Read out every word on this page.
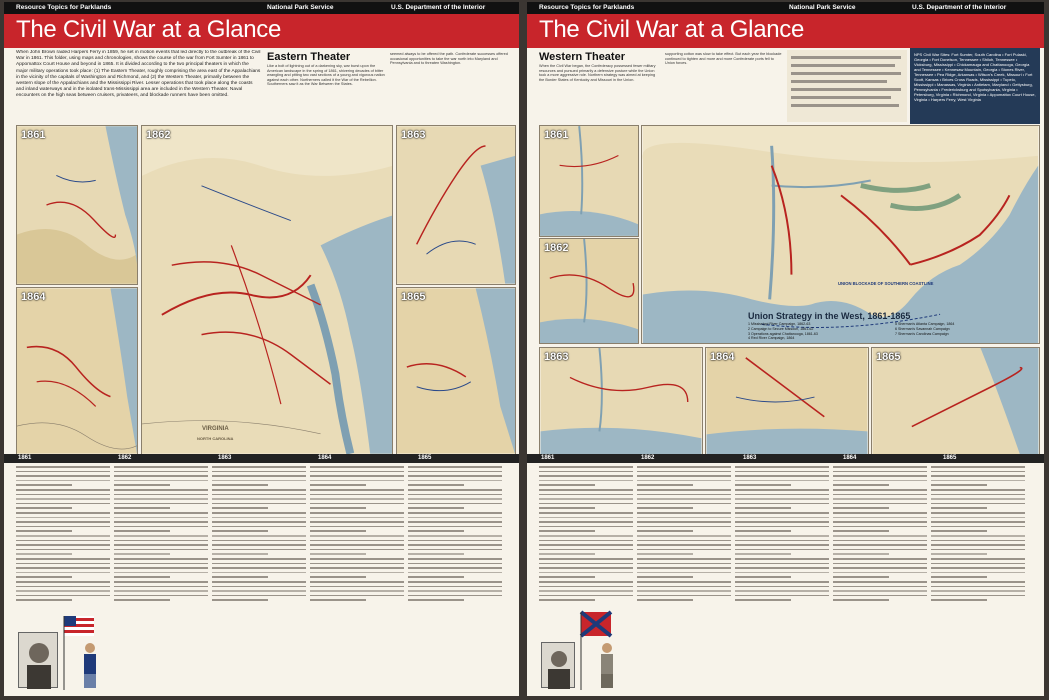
Resource Topics for Parklands	National Park Service	U.S. Department of the Interior
The Civil War at a Glance
When John Brown raided Harpers Ferry in 1859, he set in motion events that led directly to the outbreak of the Civil War in 1861. This folder, using maps and chronologies, shows the course of the war from Fort Sumter in 1861 to Appomattox Court House and beyond in 1865. It is divided according to the two principal theaters in which the major military operations took place: (1) The Eastern Theater, roughly comprising the area east of the Appalachians in the vicinity of the capitals of Washington and Richmond, and (2) the Western Theater, primarily between the western slope of the Appalachians and the Mississippi River. Lesser operations that took place along the coasts and inland waterways and in the isolated trans-Mississippi area are included in the Western Theater. Naval encounters on the high seas between cruisers, privateers, and blockade runners have been omitted.
Eastern Theater
Like a bolt of lightning out of a darkening sky, war burst upon the American landscape in the spring of 1861, shivering decades of bitter wrangling and pitting two vast sections of a young and vigorous nation against each other. Northerners called it the War of the Rebellion. Southerners saw it as the War Between the States.
seemed always to be offered the path. Confederate successes offered occasional opportunities to take the war north into Maryland and Pennsylvania and to threaten Washington.
1861
1864
1862
VIRGINIA
NORTH CAROLINA
1863
1865
1861	1862	1863	1864	1865
Resource Topics for Parklands	National Park Service	U.S. Department of the Interior
The Civil War at a Glance
Western Theater
When the Civil War began, the Confederacy possessed fewer military resources and pursued primarily a defensive posture while the Union took a more aggressive role. Northern strategy was aimed at keeping the Border States of Kentucky and Missouri in the Union.
supporting cotton was slow to take effect. But each year the blockade continued to tighten and more and more Confederate ports fell to Union forces.
NPS Civil War Sites: Fort Sumter, South Carolina • Fort Pulaski, Georgia • Fort Donelson, Tennessee • Shiloh, Tennessee • Vicksburg, Mississippi • Chickamauga and Chattanooga, Georgia and Tennessee • Kennesaw Mountain, Georgia • Stones River, Tennessee • Pea Ridge, Arkansas • Wilson's Creek, Missouri • Fort Scott, Kansas • Brices Cross Roads, Mississippi • Tupelo, Mississippi • Manassas, Virginia • Antietam, Maryland • Gettysburg, Pennsylvania • Fredericksburg and Spotsylvania, Virginia • Petersburg, Virginia • Richmond, Virginia • Appomattox Court House, Virginia • Harpers Ferry, West Virginia
1861
1862
UNION BLOCKADE OF SOUTHERN COASTLINE
Union Strategy in the West, 1861-1865
1 Mississippi River Campaign, 1862-63
2 Campaign to Secure Missouri, 1861-62
3 Operations against Chattanooga, 1861-63
4 Red River Campaign, 1864
5 Sherman's Atlanta Campaign, 1864
6 Sherman's Savannah Campaign
7 Sherman's Carolinas Campaign
1863	1864	1865
1861	1862	1863	1864	1865
